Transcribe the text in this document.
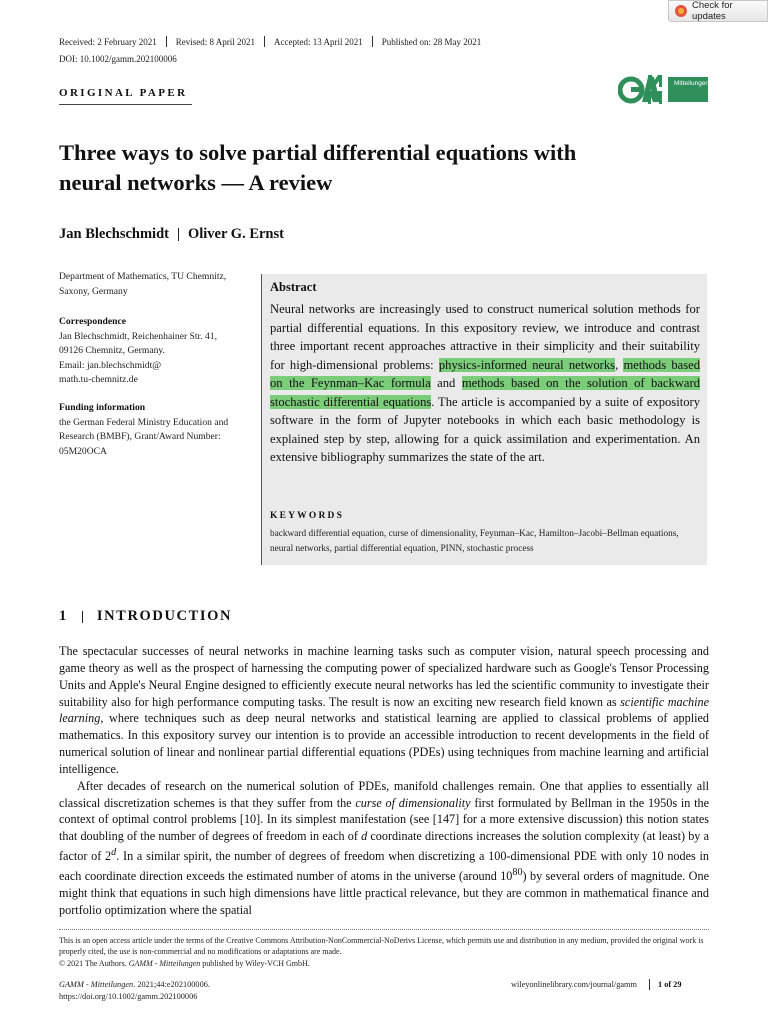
Check for updates
Received: 2 February 2021 Revised: 8 April 2021 Accepted: 13 April 2021 Published on: 28 May 2021
DOI: 10.1002/gamm.202100006
ORIGINAL PAPER
Mitteilungen
Three ways to solve partial differential equations with
neural networks — A review
Jan Blechschmidt Oliver G. Ernst
Department of Mathematics, TU Chemnitz, Saxony, Germany
Correspondence
Jan Blechschmidt, Reichenhainer Str. 41,
09126 Chemnitz, Germany.
Email: jan.blechschmidt@
math.tu-chemnitz.de
Funding information
the German Federal Ministry Education and Research (BMBF), Grant/Award Number: 05M20OCA
Abstract
Neural networks are increasingly used to construct numerical solution methods for partial differential equations. In this expository review, we introduce and contrast three important recent approaches attractive in their simplicity and their suitability for high-dimensional problems: physics-informed neural networks, methods based on the Feynman–Kac formula and methods based on the solution of backward stochastic differential equations. The article is accompanied by a suite of expository software in the form of Jupyter notebooks in which each basic methodology is explained step by step, allowing for a quick assimilation and experimentation. An extensive bibliography summarizes the state of the art.
KEYWORDS
backward differential equation, curse of dimensionality, Feynman–Kac, Hamilton–Jacobi–Bellman equations, neural networks, partial differential equation, PINN, stochastic process
1 INTRODUCTION

The spectacular successes of neural networks in machine learning tasks such as computer vision, natural speech processing and game theory as well as the prospect of harnessing the computing power of specialized hardware such as Google's Tensor Processing Units and Apple's Neural Engine designed to efficiently execute neural networks has led the scientific community to investigate their suitability also for high performance computing tasks. The result is now an exciting new research field known as scientific machine learning, where techniques such as deep neural networks and statistical learning are applied to classical problems of applied mathematics. In this expository survey our intention is to provide an accessible introduction to recent developments in the field of numerical solution of linear and nonlinear partial differential equations (PDEs) using techniques from machine learning and artificial intelligence.

After decades of research on the numerical solution of PDEs, manifold challenges remain. One that applies to essentially all classical discretization schemes is that they suffer from the curse of dimensionality first formulated by Bellman in the 1950s in the context of optimal control problems [10]. In its simplest manifestation (see [147] for a more extensive discussion) this notion states that doubling of the number of degrees of freedom in each of d coordinate directions increases the solution complexity (at least) by a factor of 2$^d$. In a similar spirit, the number of degrees of freedom when discretizing a 100-dimensional PDE with only 10 nodes in each coordinate direction exceeds the estimated number of atoms in the universe (around $10^{80}$) by several orders of magnitude. One might think that equations in such high dimensions have little practical relevance, but they are common in mathematical finance and portfolio optimization where the spatial

This is an open access article under the terms of the Creative Commons Attribution-NonCommercial-NoDerivs License, which permits use and distribution in any medium, provided the original work is properly cited, the use is non-commercial and no modifications or adaptations are made.
© 2021 The Authors. GAMM - Mitteilungen published by Wiley-VCH GmbH.
GAMM - Mitteilungen. 2021;44:e202100006.
https://doi.org/10.1002/gamm.202100006
wileyonlinelibrary.com/journal/gamm	1 of 29
